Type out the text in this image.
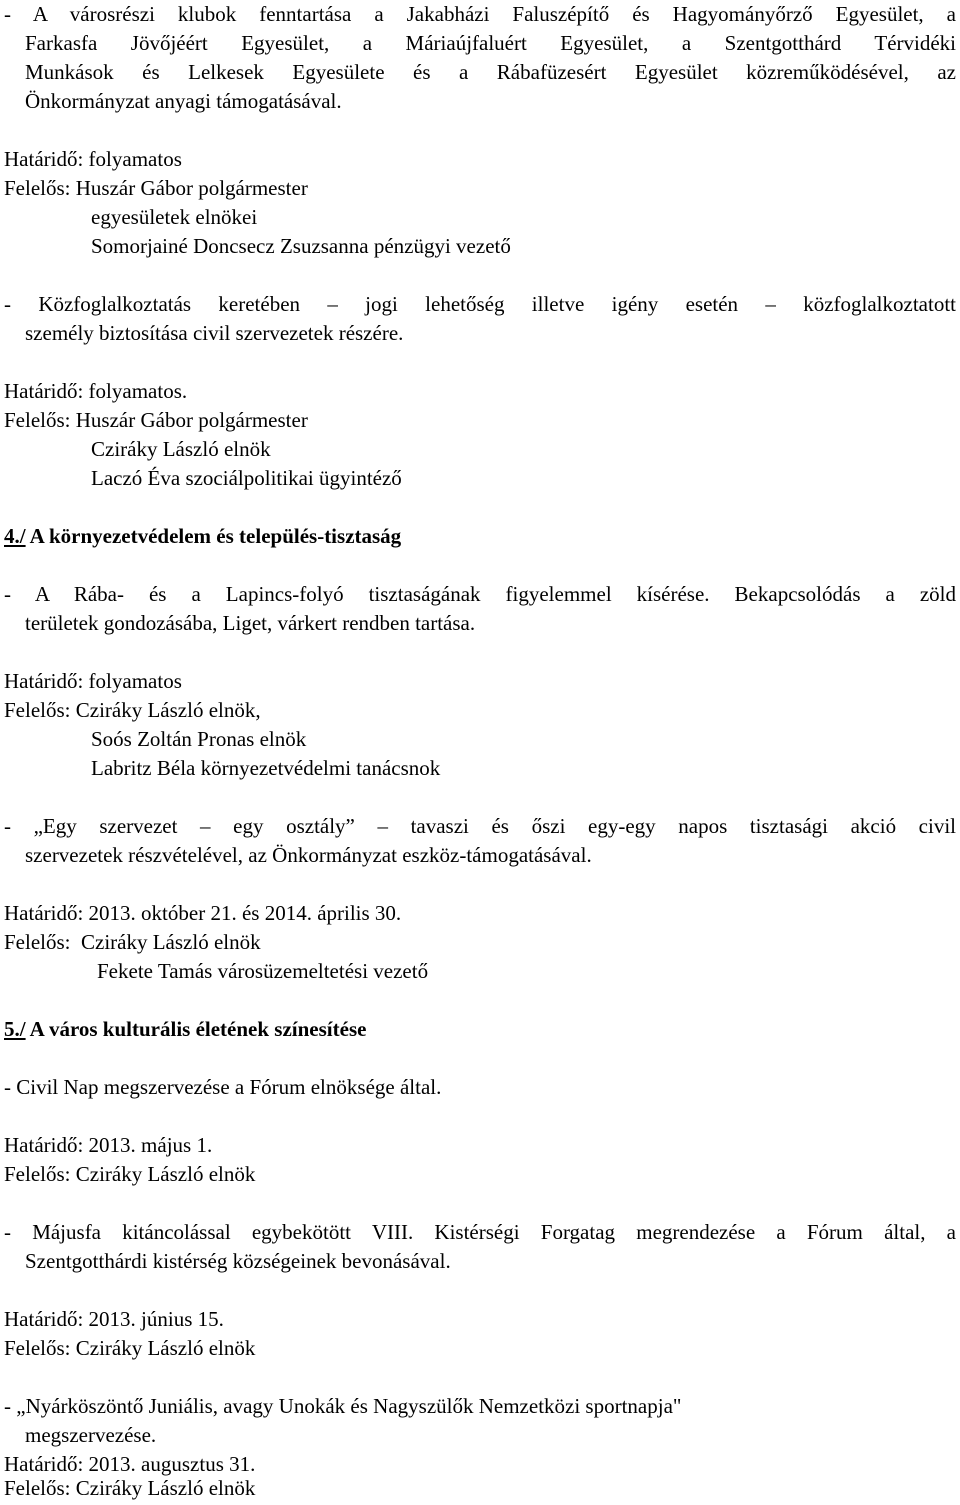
- A városrészi klubok fenntartása a Jakabházi Faluszépítő és Hagyományőrző Egyesület, a
Farkasfa Jövőjéért Egyesület, a Máriaújfaluért Egyesület, a Szentgotthárd Térvidéki
Munkások és Lelkesek Egyesülete és a Rábafüzesért Egyesület közreműködésével, az
Önkormányzat anyagi támogatásával.
Határidő: folyamatos
Felelős: Huszár Gábor polgármester
egyesületek elnökei
Somorjainé Doncsecz Zsuzsanna pénzügyi vezető
- Közfoglalkoztatás keretében – jogi lehetőség illetve igény esetén – közfoglalkoztatott
személy biztosítása civil szervezetek részére.
Határidő: folyamatos.
Felelős: Huszár Gábor polgármester
Cziráky László elnök
Laczó Éva szociálpolitikai ügyintéző
4./ A környezetvédelem és település-tisztaság
- A Rába- és a Lapincs-folyó tisztaságának figyelemmel kísérése. Bekapcsolódás a zöld
területek gondozásába, Liget, várkert rendben tartása.
Határidő: folyamatos
Felelős: Cziráky László elnök,
Soós Zoltán Pronas elnök
Labritz Béla környezetvédelmi tanácsnok
- „Egy szervezet – egy osztály” – tavaszi és őszi egy-egy napos tisztasági akció civil
szervezetek részvételével, az Önkormányzat eszköz-támogatásával.
Határidő: 2013. október 21. és 2014. április 30.
Felelős:  Cziráky László elnök
Fekete Tamás városüzemeltetési vezető
5./ A város kulturális életének színesítése
- Civil Nap megszervezése a Fórum elnöksége által.
Határidő: 2013. május 1.
Felelős: Cziráky László elnök
- Májusfa kitáncolással egybekötött VIII. Kistérségi Forgatag megrendezése a Fórum által, a
Szentgotthárdi kistérség községeinek bevonásával.
Határidő: 2013. június 15.
Felelős: Cziráky László elnök
- „Nyárköszöntő Juniális, avagy Unokák és Nagyszülők Nemzetközi sportnapja"
megszervezése.
Határidő: 2013. augusztus 31.
Felelős: Cziráky László elnök
